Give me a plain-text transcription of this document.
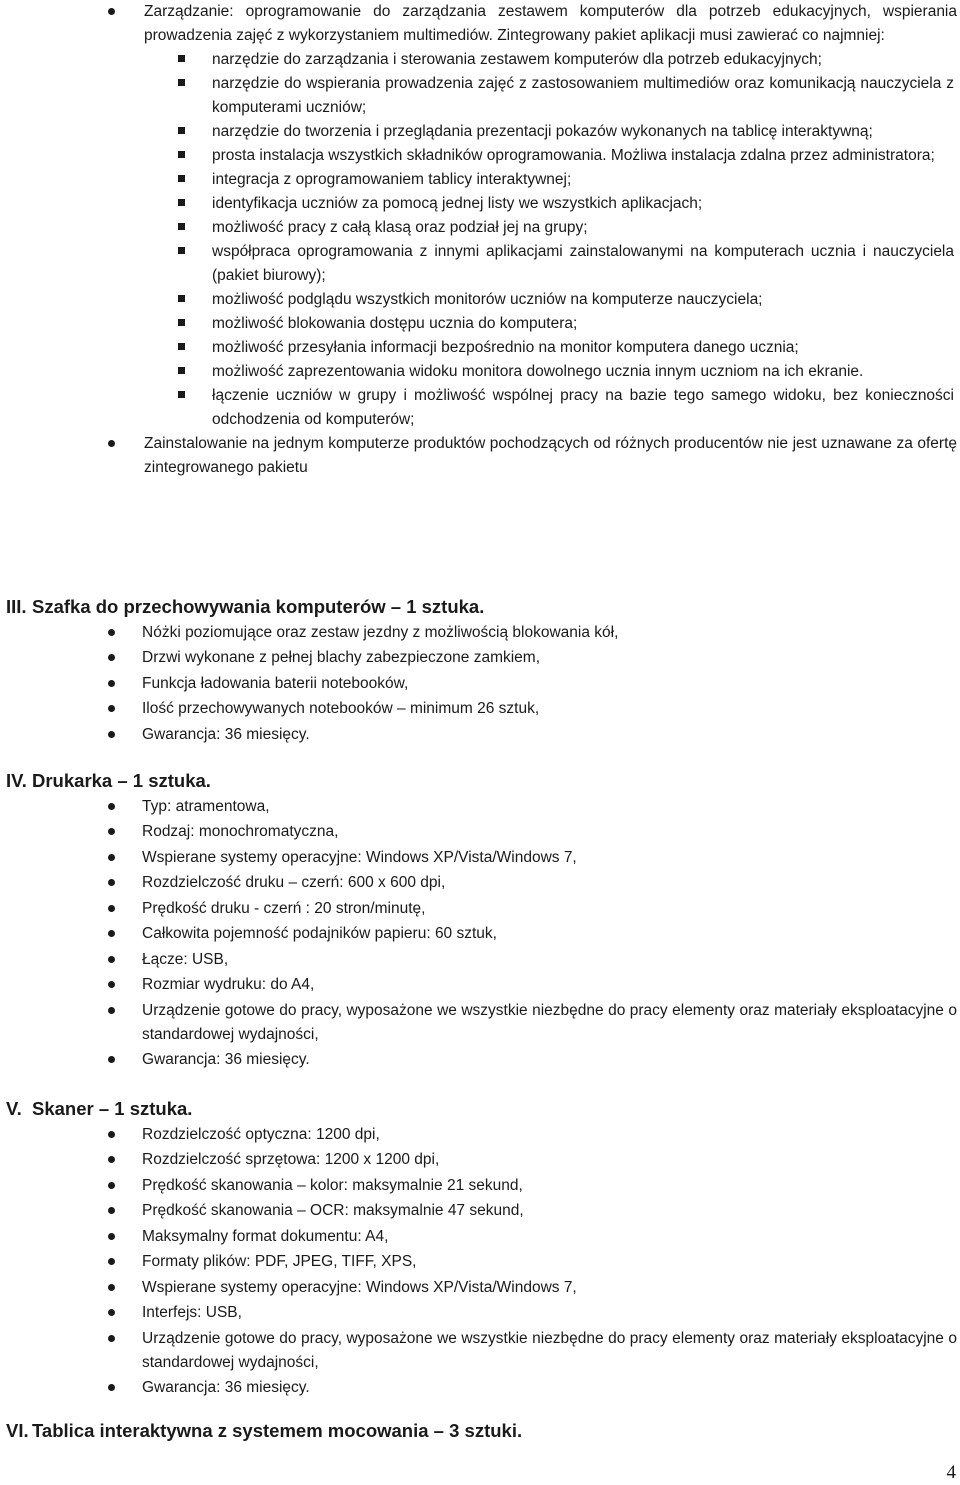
Zarządzanie: oprogramowanie do zarządzania zestawem komputerów dla potrzeb edukacyjnych, wspierania prowadzenia zajęć z wykorzystaniem multimediów. Zintegrowany pakiet aplikacji musi zawierać co najmniej:
narzędzie do zarządzania i sterowania zestawem komputerów dla potrzeb edukacyjnych;
narzędzie do wspierania prowadzenia zajęć z zastosowaniem multimediów oraz komunikacją nauczyciela z komputerami uczniów;
narzędzie do tworzenia i przeglądania prezentacji pokazów wykonanych na tablicę interaktywną;
prosta instalacja wszystkich składników oprogramowania. Możliwa instalacja zdalna przez administratora;
integracja z oprogramowaniem tablicy interaktywnej;
identyfikacja uczniów za pomocą jednej listy we wszystkich aplikacjach;
możliwość pracy z całą klasą oraz podział jej na grupy;
współpraca oprogramowania z innymi aplikacjami zainstalowanymi na komputerach ucznia i nauczyciela (pakiet biurowy);
możliwość podglądu wszystkich monitorów uczniów na komputerze nauczyciela;
możliwość blokowania dostępu ucznia do komputera;
możliwość przesyłania informacji bezpośrednio na monitor komputera danego ucznia;
możliwość zaprezentowania widoku monitora dowolnego ucznia innym uczniom na ich ekranie.
łączenie uczniów w grupy i możliwość wspólnej pracy na bazie tego samego widoku, bez konieczności odchodzenia od komputerów;
Zainstalowanie na jednym komputerze produktów pochodzących od różnych producentów nie jest uznawane za ofertę zintegrowanego pakietu
III. Szafka do przechowywania komputerów – 1 sztuka.
Nóżki poziomujące oraz zestaw jezdny z możliwością blokowania kół,
Drzwi wykonane z pełnej blachy zabezpieczone zamkiem,
Funkcja ładowania baterii notebooków,
Ilość przechowywanych notebooków – minimum 26 sztuk,
Gwarancja: 36 miesięcy.
IV. Drukarka – 1 sztuka.
Typ: atramentowa,
Rodzaj: monochromatyczna,
Wspierane systemy operacyjne: Windows XP/Vista/Windows 7,
Rozdzielczość druku – czerń: 600 x 600 dpi,
Prędkość druku - czerń : 20 stron/minutę,
Całkowita pojemność podajników papieru: 60 sztuk,
Łącze: USB,
Rozmiar wydruku: do A4,
Urządzenie gotowe do pracy, wyposażone we wszystkie niezbędne do pracy elementy oraz materiały eksploatacyjne o standardowej wydajności,
Gwarancja: 36 miesięcy.
V. Skaner – 1 sztuka.
Rozdzielczość optyczna: 1200 dpi,
Rozdzielczość sprzętowa: 1200 x 1200 dpi,
Prędkość skanowania – kolor: maksymalnie 21 sekund,
Prędkość skanowania – OCR: maksymalnie 47 sekund,
Maksymalny format dokumentu: A4,
Formaty plików: PDF, JPEG, TIFF, XPS,
Wspierane systemy operacyjne: Windows XP/Vista/Windows 7,
Interfejs: USB,
Urządzenie gotowe do pracy, wyposażone we wszystkie niezbędne do pracy elementy oraz materiały eksploatacyjne o standardowej wydajności,
Gwarancja: 36 miesięcy.
VI. Tablica interaktywna z systemem mocowania – 3 sztuki.
4
